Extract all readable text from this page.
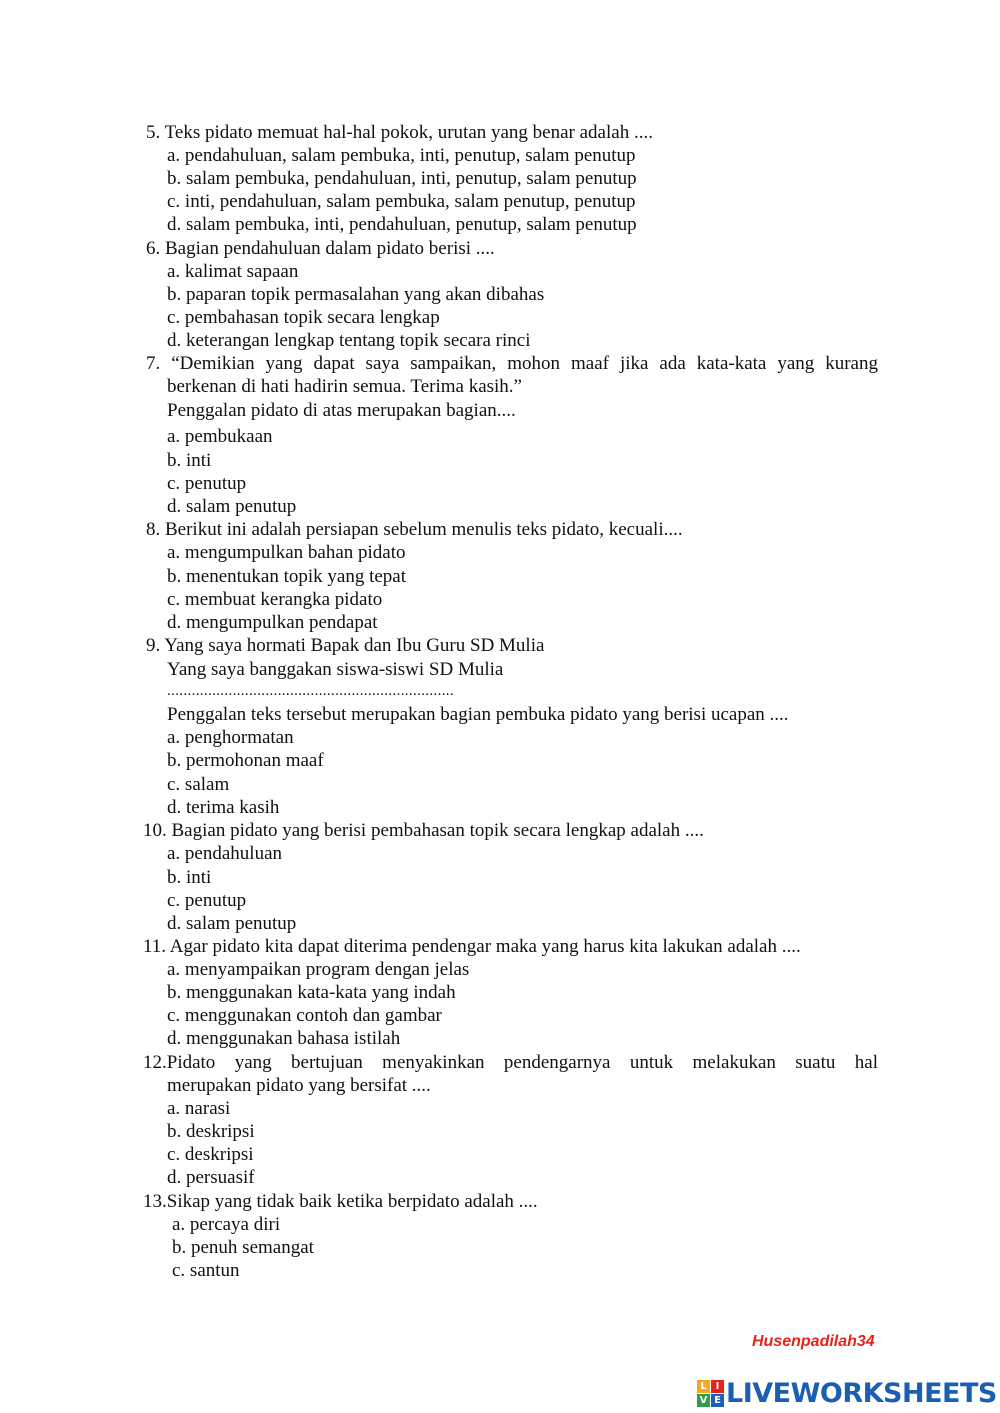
5. Teks pidato memuat hal-hal pokok, urutan yang benar adalah ....
a. pendahuluan, salam pembuka, inti, penutup, salam penutup
b. salam pembuka, pendahuluan, inti, penutup, salam penutup
c. inti, pendahuluan, salam pembuka, salam penutup, penutup
d. salam pembuka, inti, pendahuluan, penutup, salam penutup
6. Bagian pendahuluan dalam pidato berisi ....
a. kalimat sapaan
b. paparan topik permasalahan yang akan dibahas
c. pembahasan topik secara lengkap
d. keterangan lengkap tentang topik secara rinci
7. “Demikian yang dapat saya sampaikan, mohon maaf jika ada kata-kata yang kurang
berkenan di hati hadirin semua. Terima kasih.”
Penggalan pidato di atas merupakan bagian....
a. pembukaan
b. inti
c. penutup
d. salam penutup
8. Berikut ini adalah persiapan sebelum menulis teks pidato, kecuali....
a. mengumpulkan bahan pidato
b. menentukan topik yang tepat
c. membuat kerangka pidato
d. mengumpulkan pendapat
9. Yang saya hormati Bapak dan Ibu Guru SD Mulia
Yang saya banggakan siswa-siswi SD Mulia
......................................................................
Penggalan teks tersebut merupakan bagian pembuka pidato yang berisi ucapan ....
a. penghormatan
b. permohonan maaf
c. salam
d. terima kasih
10. Bagian pidato yang berisi pembahasan topik secara lengkap adalah ....
a. pendahuluan
b. inti
c. penutup
d. salam penutup
11. Agar pidato kita dapat diterima pendengar maka yang harus kita lakukan adalah ....
a. menyampaikan program dengan jelas
b. menggunakan kata-kata yang indah
c. menggunakan contoh dan gambar
d. menggunakan bahasa istilah
12.Pidato yang bertujuan menyakinkan pendengarnya untuk melakukan suatu hal
merupakan pidato yang bersifat ....
a. narasi
b. deskripsi
c. deskripsi
d. persuasif
13.Sikap yang tidak baik ketika berpidato adalah ....
a. percaya diri
b. penuh semangat
c. santun
Husenpadilah34
L I
V E LIVEWORKSHEETS
